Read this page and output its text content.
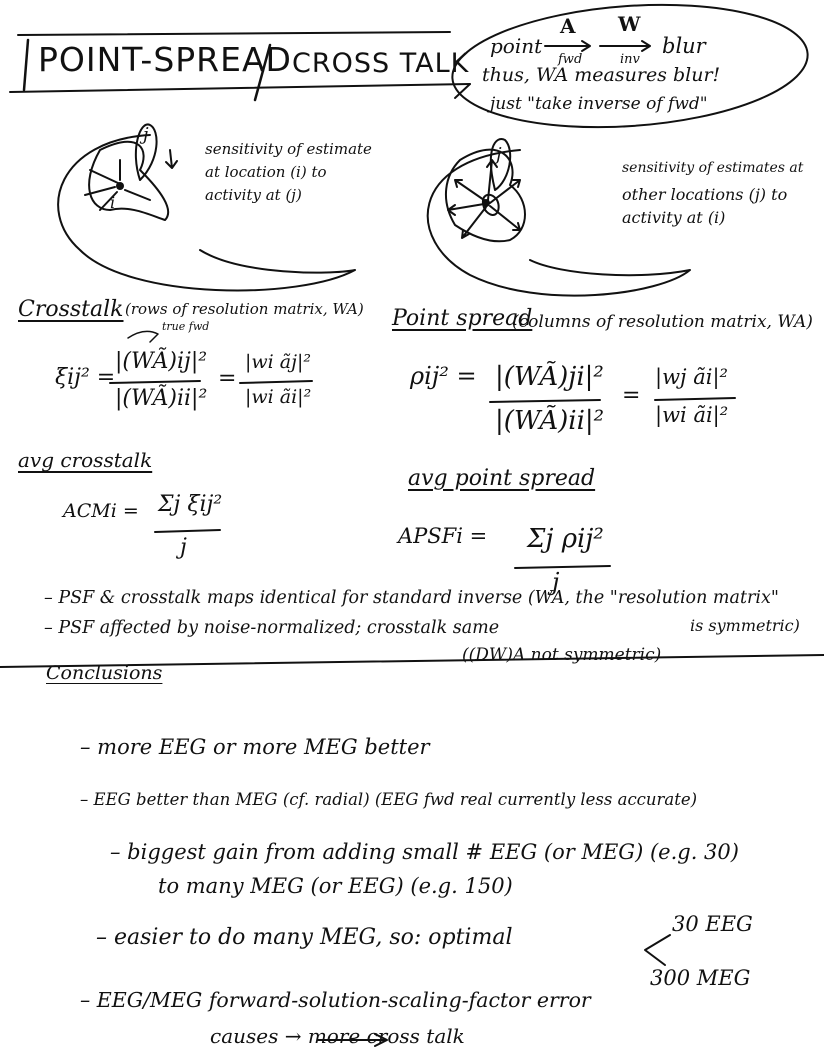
POINT-SPREAD CROSS TALK
point
A
fwd
W
inv
blur
thus, WA measures blur!
just "take inverse of fwd"
j
i
sensitivity of estimate
at location (i) to
activity at (j)
j
i
sensitivity of estimates at
other locations (j) to
activity at (i)
Crosstalk (rows of resolution matrix, WA)
true fwd
ξij² =
|(WÃ)ij|²
|(WÃ)ii|²
=
|wi ãj|²
|wi ãi|²
Point spread
(columns of resolution matrix, WA)
ρij² = |(WÃ)ji|²
|(WÃ)ii|²
=
|wj ãi|²
|wi ãi|²
avg crosstalk
ACMi = Σj ξij²
j
avg point spread
APSFi = Σj ρij²
j
– PSF & crosstalk maps identical for standard inverse (WA, the "resolution matrix"
is symmetric)
– PSF affected by noise-normalized; crosstalk same
((DW)A not symmetric)
Conclusions
– more EEG or more MEG better
– EEG better than MEG (cf. radial) (EEG fwd real currently less accurate)
– biggest gain from adding small # EEG (or MEG) (e.g. 30)
to many MEG (or EEG) (e.g. 150)
– easier to do many MEG, so: optimal
30 EEG
300 MEG
– EEG/MEG forward-solution-scaling-factor error
causes → more cross talk
